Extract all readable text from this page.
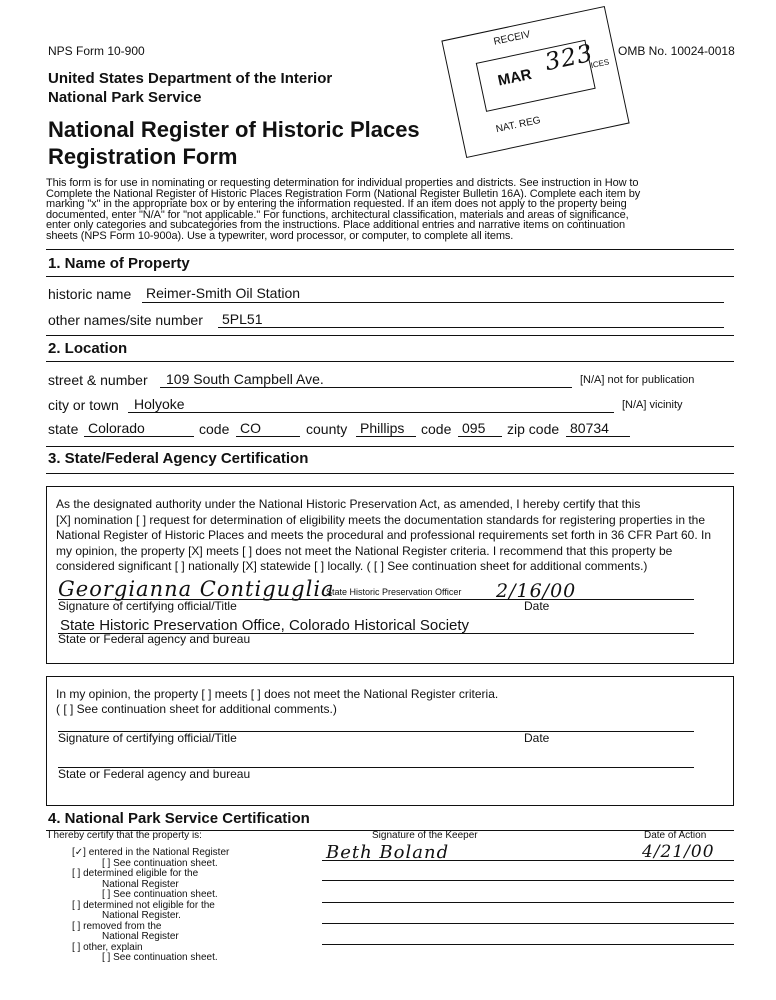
NPS Form 10-900	OMB No. 10024-0018
United States Department of the Interior
National Park Service
National Register of Historic Places
Registration Form
RECEIV
MAR
323
ICES
NAT. REG
This form is for use in nominating or requesting determination for individual properties and districts. See instruction in How to
Complete the National Register of Historic Places Registration Form (National Register Bulletin 16A). Complete each item by
marking "x" in the appropriate box or by entering the information requested. If an item does not apply to the property being
documented, enter "N/A" for "not applicable." For functions, architectural classification, materials and areas of significance,
enter only categories and subcategories from the instructions. Place additional entries and narrative items on continuation
sheets (NPS Form 10-900a). Use a typewriter, word processor, or computer, to complete all items.
1. Name of Property
historic name Reimer-Smith Oil Station
other names/site number 5PL51
2. Location
street & number 109 South Campbell Ave.	[N/A] not for publication
city or town Holyoke	[N/A] vicinity
state Colorado	code CO	county Phillips code 095 zip code 80734
3. State/Federal Agency Certification
As the designated authority under the National Historic Preservation Act, as amended, I hereby certify that this
[X] nomination [ ] request for determination of eligibility meets the documentation standards for registering properties in the
National Register of Historic Places and meets the procedural and professional requirements set forth in 36 CFR Part 60. In
my opinion, the property [X] meets [ ] does not meet the National Register criteria. I recommend that this property be
considered significant [ ] nationally [X] statewide [ ] locally. ( [ ] See continuation sheet for additional comments.)
Georgianna Contiguglia
State Historic Preservation Officer 2/16/00
Signature of certifying official/Title	Date
State Historic Preservation Office, Colorado Historical Society
State or Federal agency and bureau
In my opinion, the property [ ] meets [ ] does not meet the National Register criteria.
( [ ] See continuation sheet for additional comments.)
Signature of certifying official/Title	Date
State or Federal agency and bureau
4. National Park Service Certification
I hereby certify that the property is:	Signature of the Keeper	Date of Action
Beth Boland	4/21/00
[✓] entered in the National Register
[ ] See continuation sheet.
[ ] determined eligible for the
National Register
[ ] See continuation sheet.
[ ] determined not eligible for the
National Register.
[ ] removed from the
National Register
[ ] other, explain
[ ] See continuation sheet.
